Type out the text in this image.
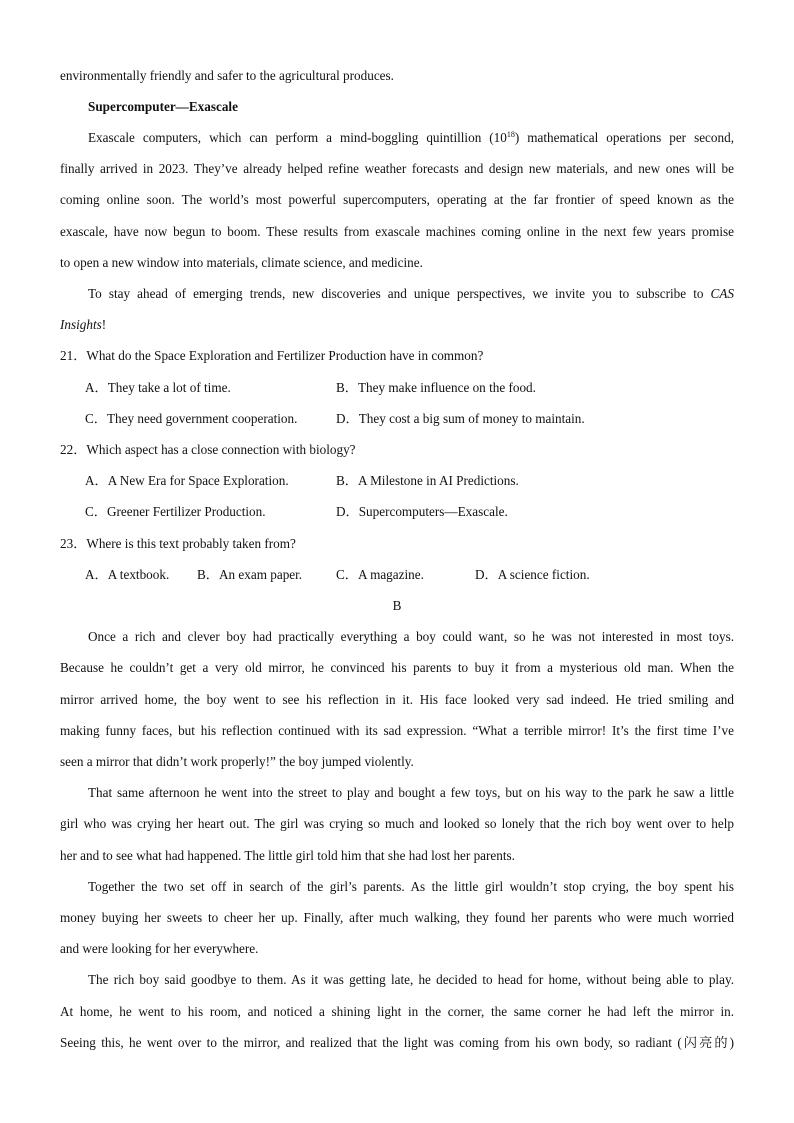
environmentally friendly and safer to the agricultural produces.
Supercomputer—Exascale
Exascale computers, which can perform a mind-boggling quintillion $(10^{18})$ mathematical operations per second,
finally arrived in 2023. They’ve already helped refine weather forecasts and design new materials, and new ones will be
coming online soon. The world’s most powerful supercomputers, operating at the far frontier of speed known as the
exascale, have now begun to boom. These results from exascale machines coming online in the next few years promise
to open a new window into materials, climate science, and medicine.
To stay ahead of emerging trends, new discoveries and unique perspectives, we invite you to subscribe to CAS
Insights!
21．What do the Space Exploration and Fertilizer Production have in common?
A．They take a lot of time.	B．They make influence on the food.
C．They need government cooperation.	D．They cost a big sum of money to maintain.
22．Which aspect has a close connection with biology?
A．A New Era for Space Exploration.	B．A Milestone in AI Predictions.
C．Greener Fertilizer Production.	D．Supercomputers—Exascale.
23．Where is this text probably taken from?
A．A textbook. B．An exam paper.	C．A magazine.	D．A science fiction.
B
Once a rich and clever boy had practically everything a boy could want, so he was not interested in most toys.
Because he couldn’t get a very old mirror, he convinced his parents to buy it from a mysterious old man. When the
mirror arrived home, the boy went to see his reflection in it. His face looked very sad indeed. He tried smiling and
making funny faces, but his reflection continued with its sad expression. “What a terrible mirror! It’s the first time I’ve
seen a mirror that didn’t work properly!” the boy jumped violently.
That same afternoon he went into the street to play and bought a few toys, but on his way to the park he saw a little
girl who was crying her heart out. The girl was crying so much and looked so lonely that the rich boy went over to help
her and to see what had happened. The little girl told him that she had lost her parents.
Together the two set off in search of the girl’s parents. As the little girl wouldn’t stop crying, the boy spent his
money buying her sweets to cheer her up. Finally, after much walking, they found her parents who were much worried
and were looking for her everywhere.
The rich boy said goodbye to them. As it was getting late, he decided to head for home, without being able to play.
At home, he went to his room, and noticed a shining light in the corner, the same corner he had left the mirror in.
Seeing this, he went over to the mirror, and realized that the light was coming from his own body, so radiant (闪亮的)
